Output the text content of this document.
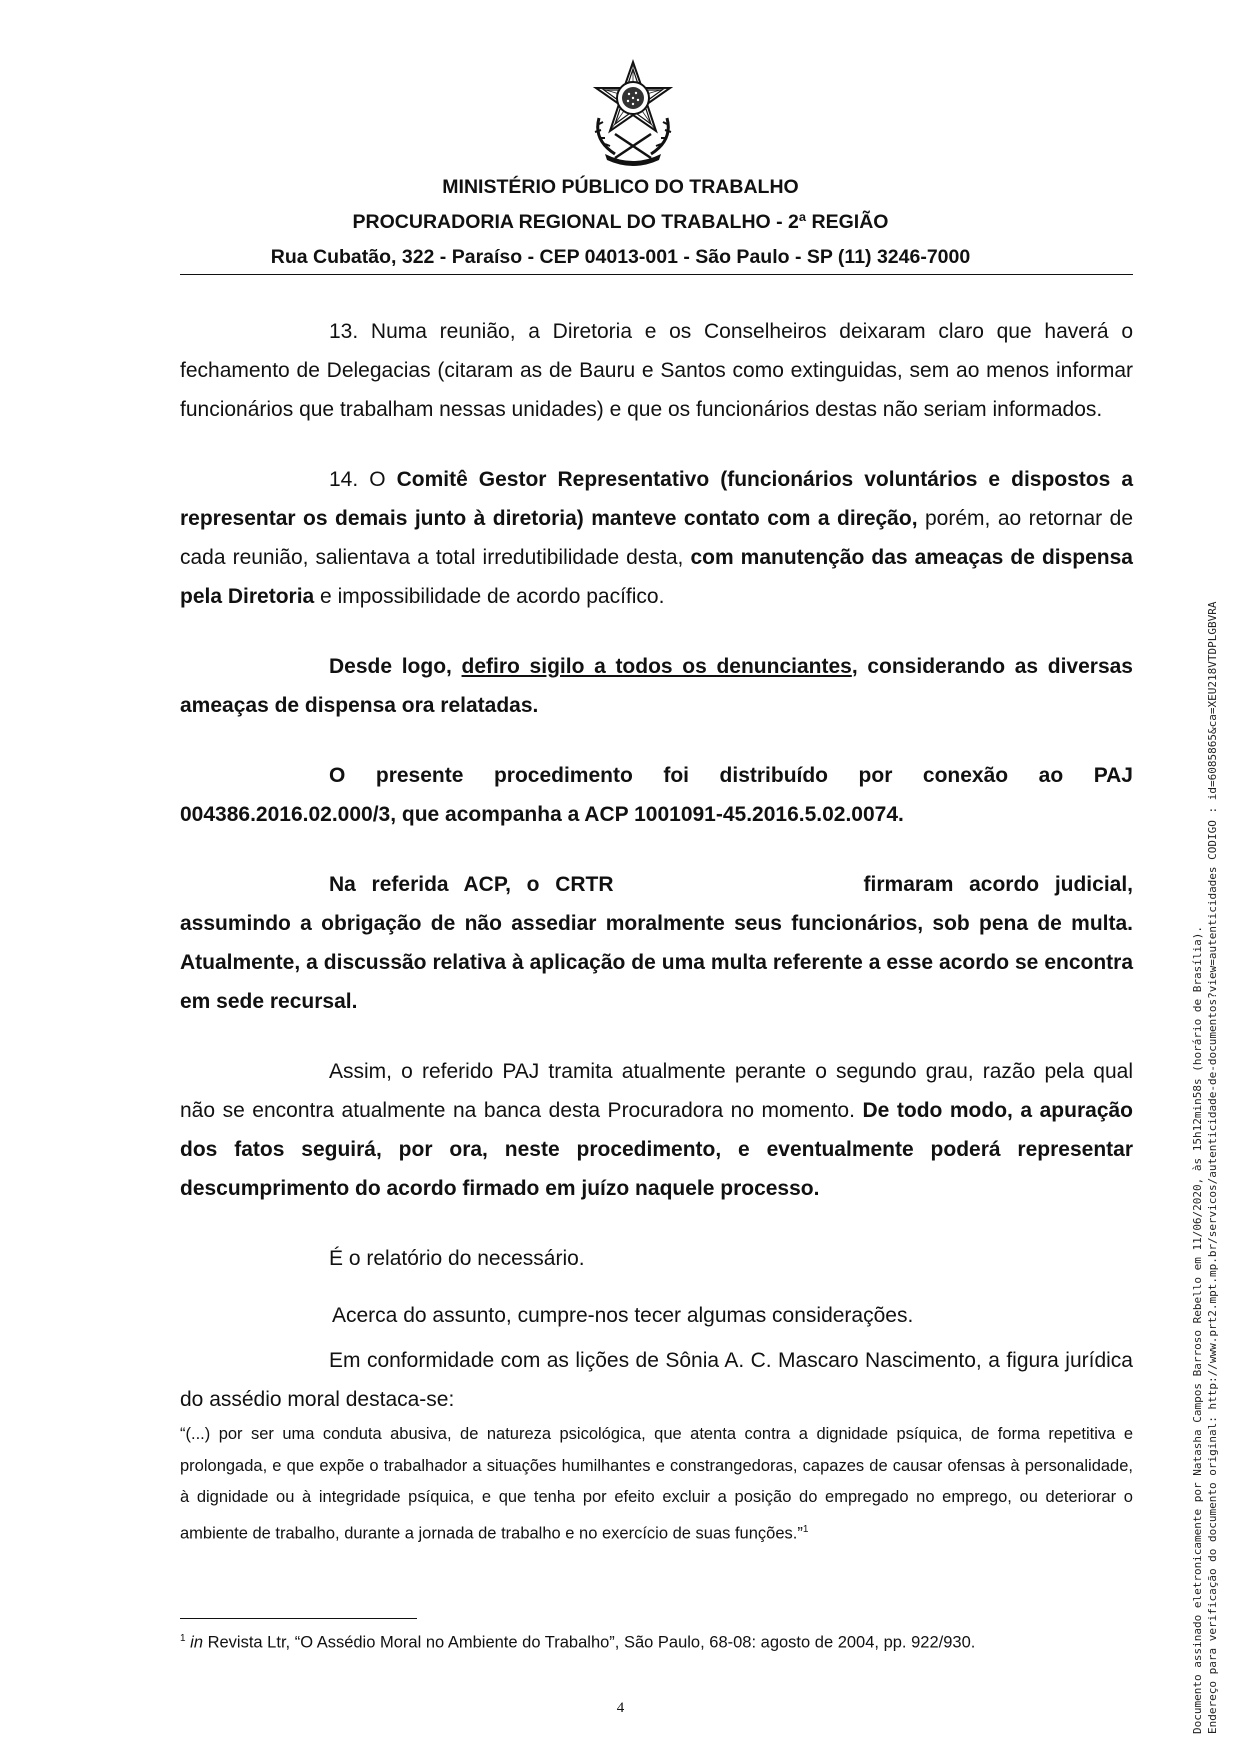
MINISTÉRIO PÚBLICO DO TRABALHO
PROCURADORIA REGIONAL DO TRABALHO - 2ª REGIÃO
Rua Cubatão, 322 - Paraíso - CEP 04013-001 - São Paulo - SP (11) 3246-7000

13. Numa reunião, a Diretoria e os Conselheiros deixaram claro que haverá o fechamento de Delegacias (citaram as de Bauru e Santos como extinguidas, sem ao menos informar funcionários que trabalham nessas unidades) e que os funcionários destas não seriam informados.

14. O Comitê Gestor Representativo (funcionários voluntários e dispostos a representar os demais junto à diretoria) manteve contato com a direção, porém, ao retornar de cada reunião, salientava a total irredutibilidade desta, com manutenção das ameaças de dispensa pela Diretoria e impossibilidade de acordo pacífico.

Desde logo, defiro sigilo a todos os denunciantes, considerando as diversas ameaças de dispensa ora relatadas.

O presente procedimento foi distribuído por conexão ao PAJ 004386.2016.02.000/3, que acompanha a ACP 1001091-45.2016.5.02.0074.

Na referida ACP, o CRTR	firmaram acordo judicial, assumindo a obrigação de não assediar moralmente seus funcionários, sob pena de multa. Atualmente, a discussão relativa à aplicação de uma multa referente a esse acordo se encontra em sede recursal.

Assim, o referido PAJ tramita atualmente perante o segundo grau, razão pela qual não se encontra atualmente na banca desta Procuradora no momento. De todo modo, a apuração dos fatos seguirá, por ora, neste procedimento, e eventualmente poderá representar descumprimento do acordo firmado em juízo naquele processo.

É o relatório do necessário.

Acerca do assunto, cumpre-nos tecer algumas considerações.

Em conformidade com as lições de Sônia A. C. Mascaro Nascimento, a figura jurídica do assédio moral destaca-se:

“(...) por ser uma conduta abusiva, de natureza psicológica, que atenta contra a dignidade psíquica, de forma repetitiva e prolongada, e que expõe o trabalhador a situações humilhantes e constrangedoras, capazes de causar ofensas à personalidade, à dignidade ou à integridade psíquica, e que tenha por efeito excluir a posição do empregado no emprego, ou deteriorar o ambiente de trabalho, durante a jornada de trabalho e no exercício de suas funções.”$^1$

$^1$ in Revista Ltr, “O Assédio Moral no Ambiente do Trabalho”, São Paulo, 68-08: agosto de 2004, pp. 922/930.
4	Documento assinado eletronicamente por Natasha Campos Barroso Rebello em 11/06/2020, às 15h12min58s (horário de Brasília). Endereço para verificação do documento original: http://www.prt2.mpt.mp.br/servicos/autenticidade-de-documentos?view=autenticidades CODIGO : id=6085865&ca=XEU218VTDPLGBVRA
